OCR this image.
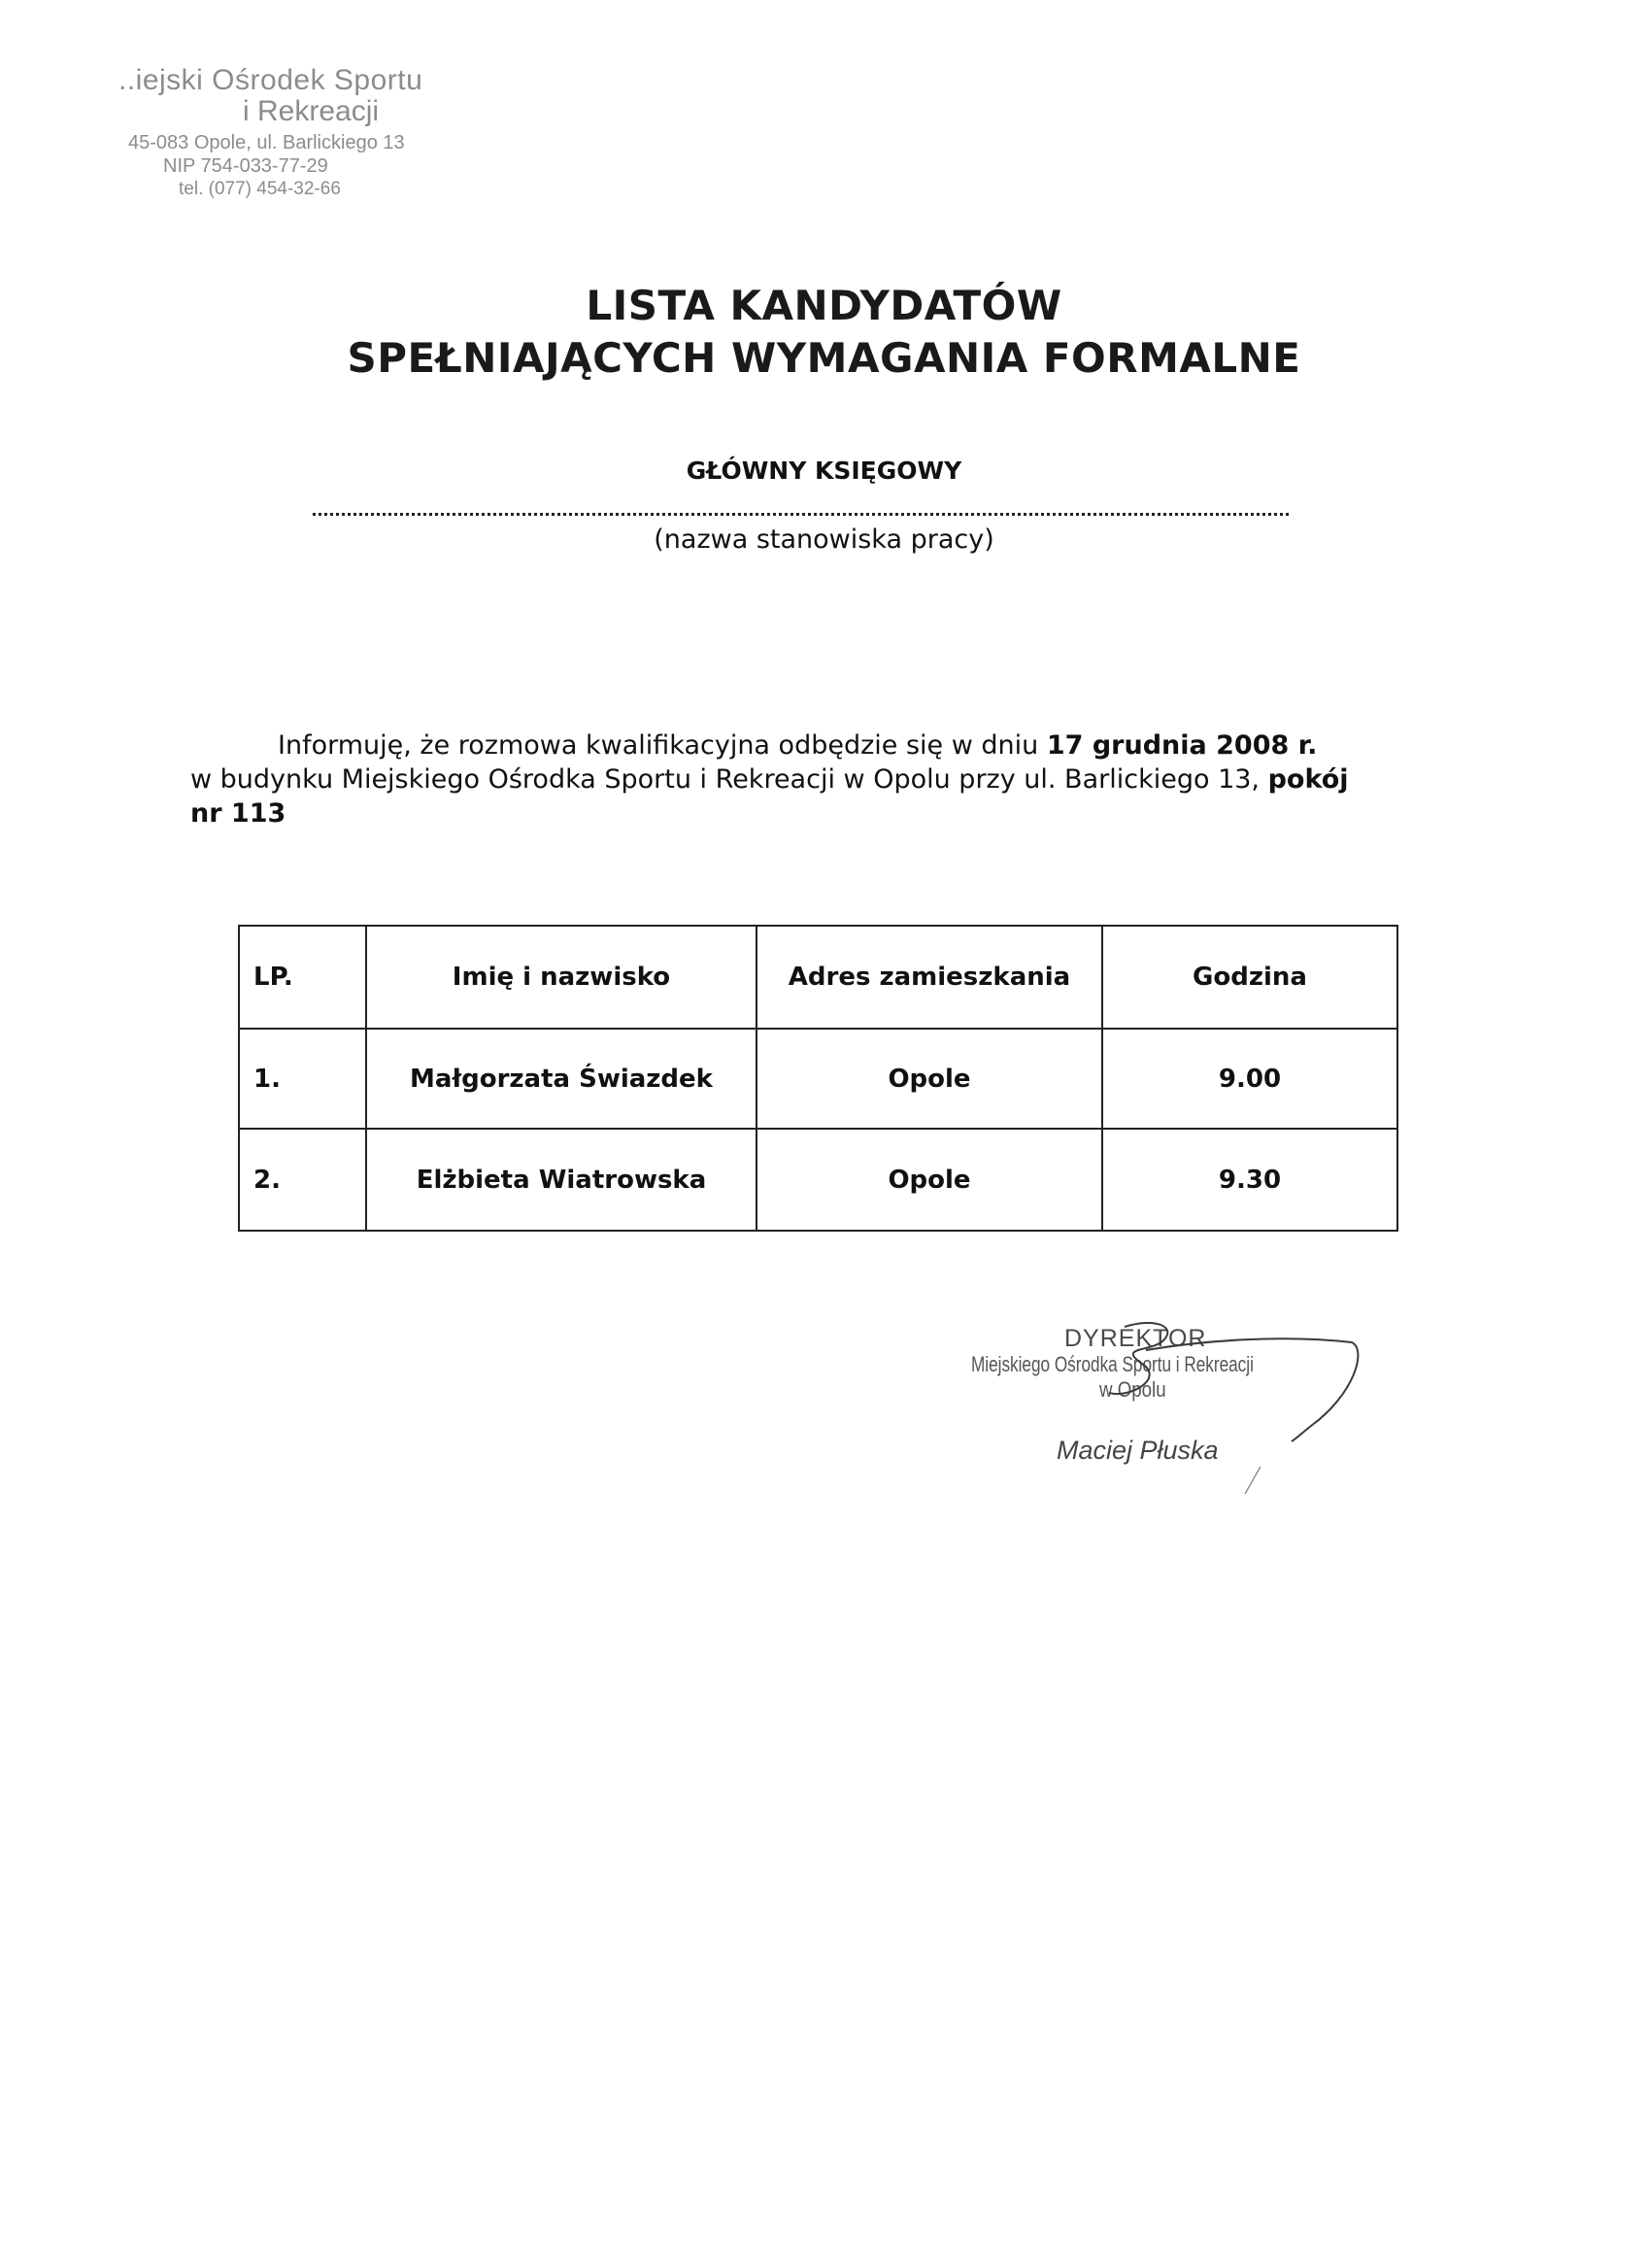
..iejski Ośrodek Sportu
i Rekreacji
45-083 Opole, ul. Barlickiego 13
NIP 754-033-77-29
tel. (077) 454-32-66
LISTA KANDYDATÓW
SPEŁNIAJĄCYCH WYMAGANIA FORMALNE
GŁÓWNY KSIĘGOWY
(nazwa stanowiska pracy)
Informuję, że rozmowa kwalifikacyjna odbędzie się w dniu 17 grudnia 2008 r.
w budynku Miejskiego Ośrodka Sportu i Rekreacji w Opolu przy ul. Barlickiego 13, pokój
nr 113
LP.	Imię i nazwisko	Adres zamieszkania	Godzina
1.	Małgorzata Świazdek	Opole	9.00
2.	Elżbieta Wiatrowska	Opole	9.30
DYREKTOR
Miejskiego Ośrodka Sportu i Rekreacji
w Opolu
Maciej Płuska
